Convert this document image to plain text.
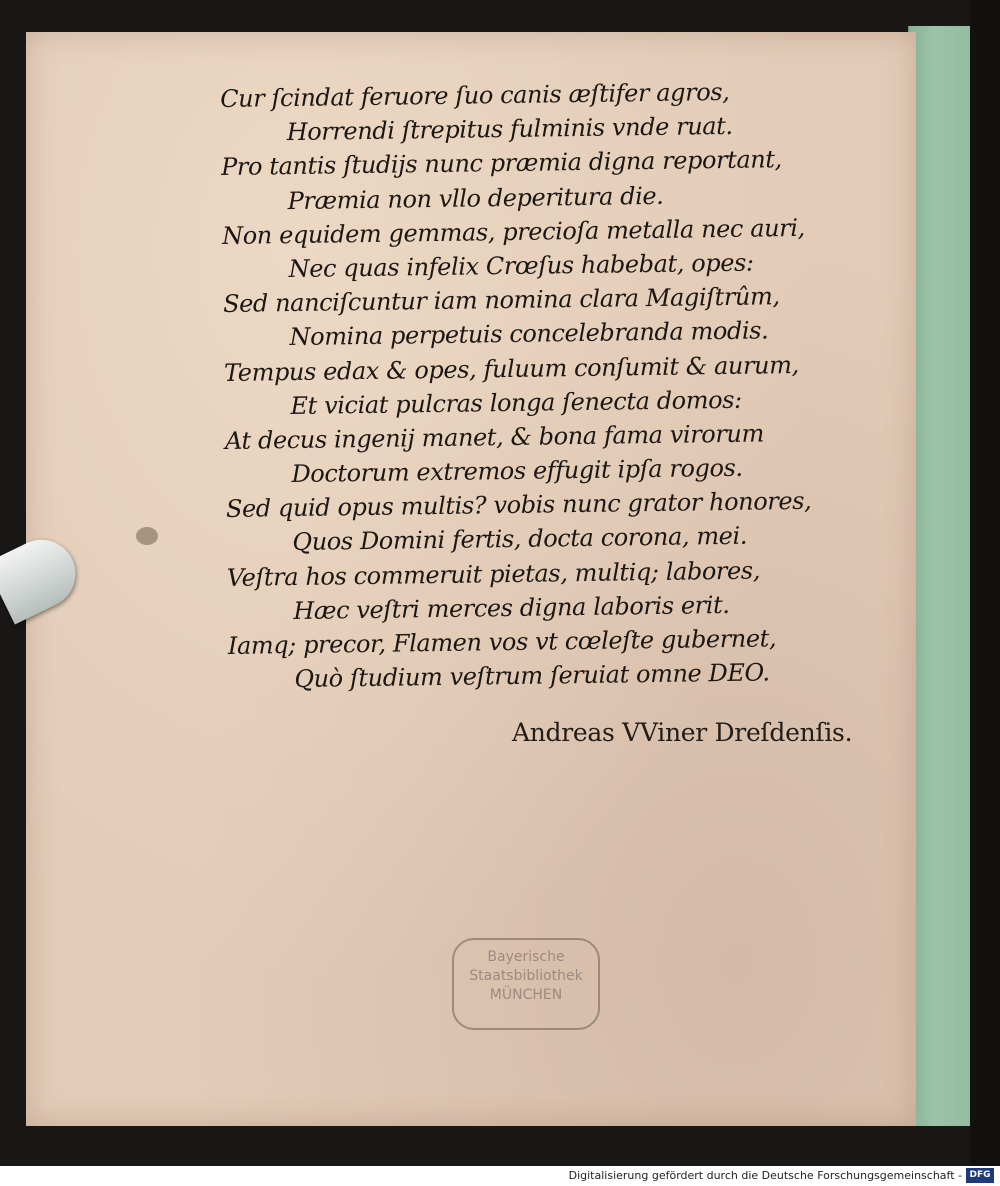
Cur ſcindat feruore ſuo canis æſtifer agros,
Horrendi ſtrepitus fulminis vnde ruat.
Pro tantis ſtudijs nunc præmia digna reportant,
Præmia non vllo deperitura die.
Non equidem gemmas, precioſa metalla nec auri,
Nec quas infelix Crœſus habebat, opes:
Sed nanciſcuntur iam nomina clara Magiſtrûm,
Nomina perpetuis concelebranda modis.
Tempus edax & opes, fuluum conſumit & aurum,
Et viciat pulcras longa ſenecta domos:
At decus ingenij manet, & bona fama virorum
Doctorum extremos effugit ipſa rogos.
Sed quid opus multis? vobis nunc grator honores,
Quos Domini fertis, docta corona, mei.
Veſtra hos commeruit pietas, multiq; labores,
Hæc veſtri merces digna laboris erit.
Iamq; precor, Flamen vos vt cœleſte gubernet,
Quò ſtudium veſtrum ſeruiat omne DEO.
Andreas VViner Dreſdenſis.
Bayerische
Staatsbibliothek
MÜNCHEN
Digitalisierung gefördert durch die Deutsche Forschungsgemeinschaft - DFG
